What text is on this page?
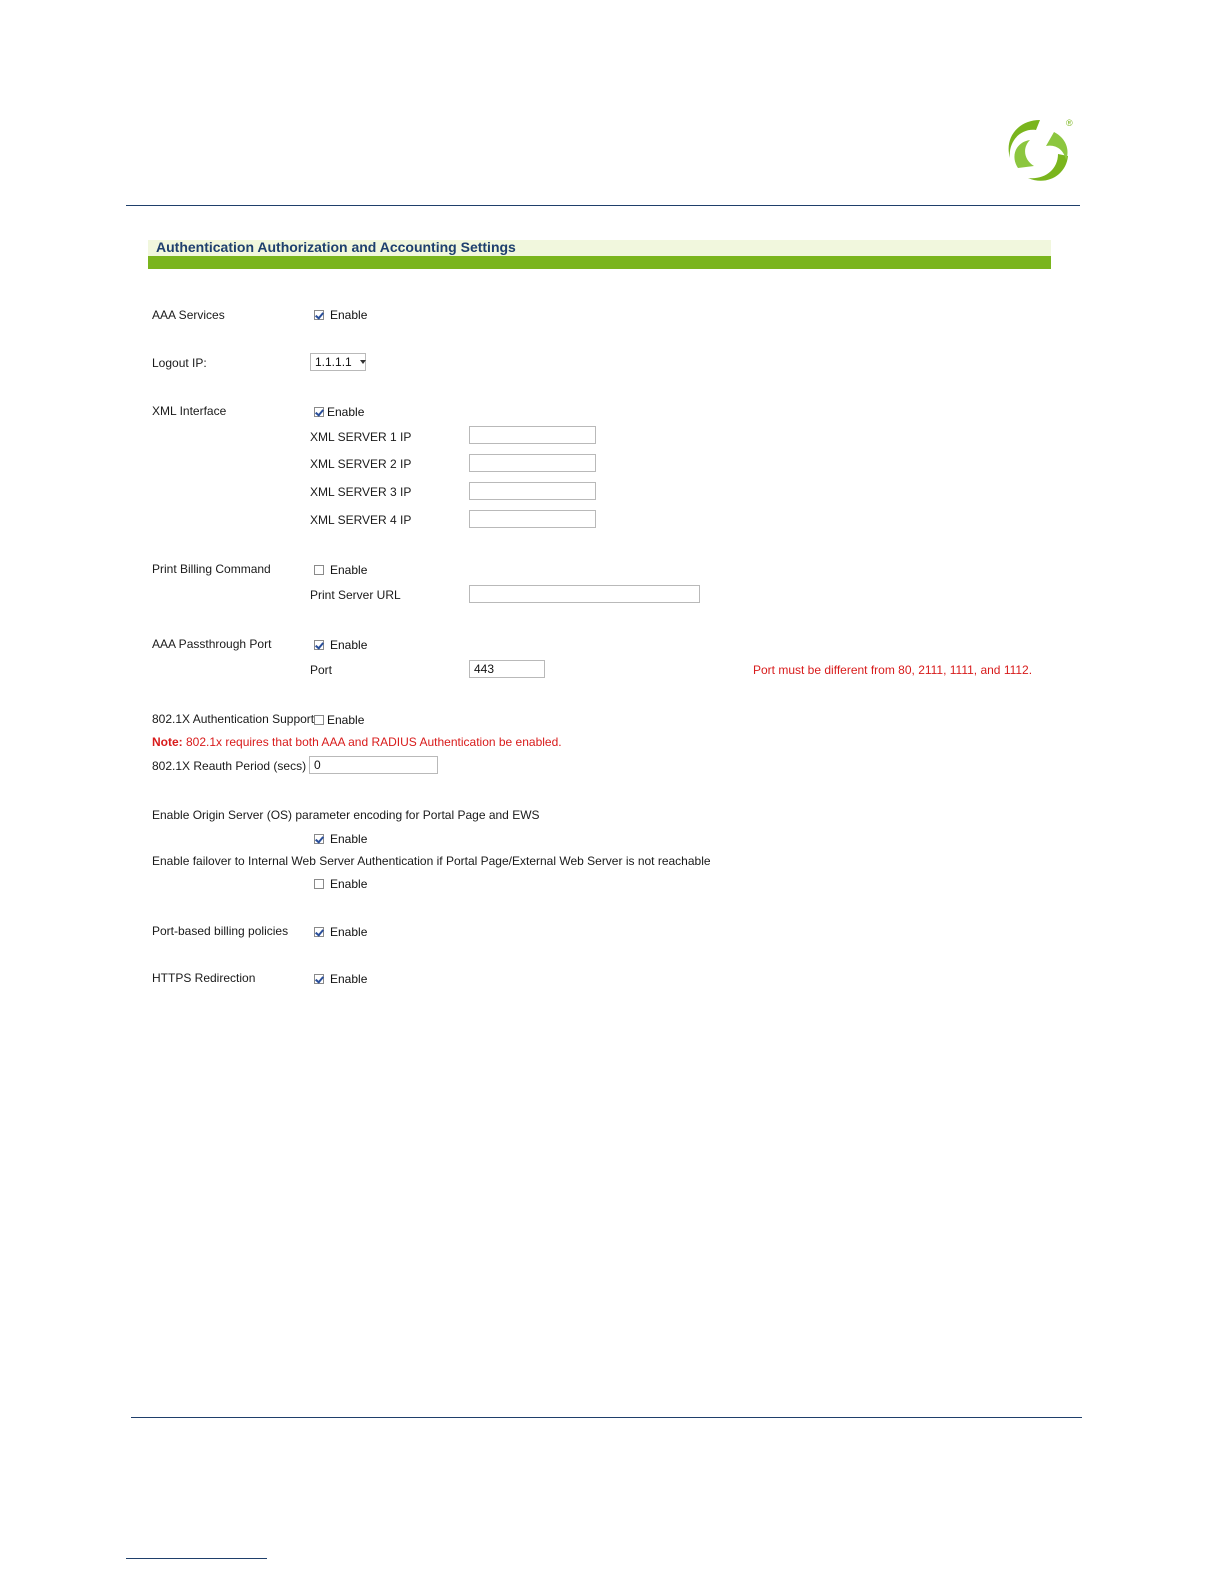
®
Authentication Authorization and Accounting Settings
AAA Services	Enable
Logout IP:	1.1.1.1
XML Interface	Enable
XML SERVER 1 IP
XML SERVER 2 IP
XML SERVER 3 IP
XML SERVER 4 IP
Print Billing Command	Enable
Print Server URL
AAA Passthrough Port	Enable
Port	443	Port must be different from 80, 2111, 1111, and 1112.
802.1X Authentication Support Enable
Note: 802.1x requires that both AAA and RADIUS Authentication be enabled.
802.1X Reauth Period (secs) 0
Enable Origin Server (OS) parameter encoding for Portal Page and EWS
Enable
Enable failover to Internal Web Server Authentication if Portal Page/External Web Server is not reachable
Enable
Port-based billing policies	Enable
HTTPS Redirection	Enable
